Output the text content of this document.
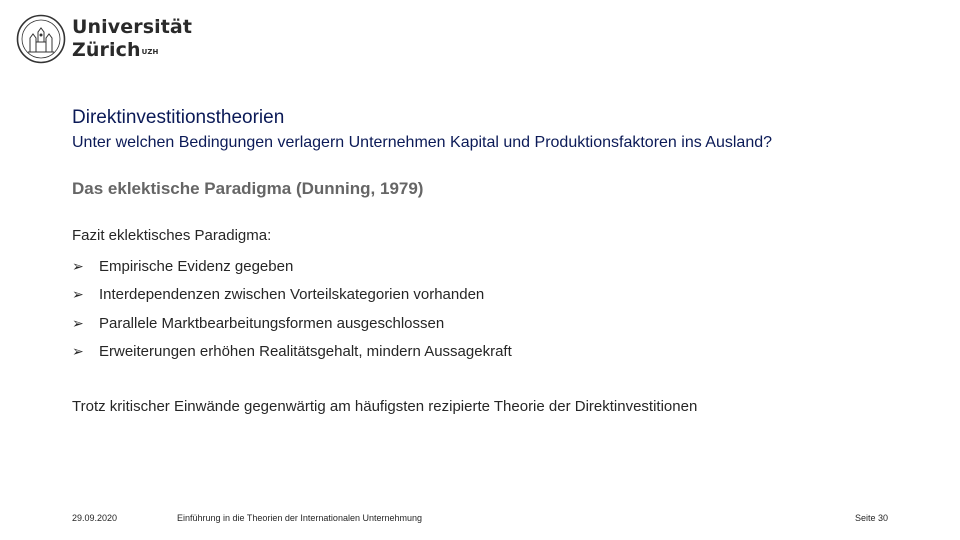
Universität
Zürich$^{UZH}$
Direktinvestitionstheorien
Unter welchen Bedingungen verlagern Unternehmen Kapital und Produktionsfaktoren ins Ausland?
Das eklektische Paradigma (Dunning, 1979)
Fazit eklektisches Paradigma:
➢	Empirische Evidenz gegeben
➢	Interdependenzen zwischen Vorteilskategorien vorhanden
➢	Parallele Marktbearbeitungsformen ausgeschlossen
➢	Erweiterungen erhöhen Realitätsgehalt, mindern Aussagekraft
Trotz kritischer Einwände gegenwärtig am häufigsten rezipierte Theorie der Direktinvestitionen
29.09.2020	Einführung in die Theorien der Internationalen Unternehmung	Seite 30
